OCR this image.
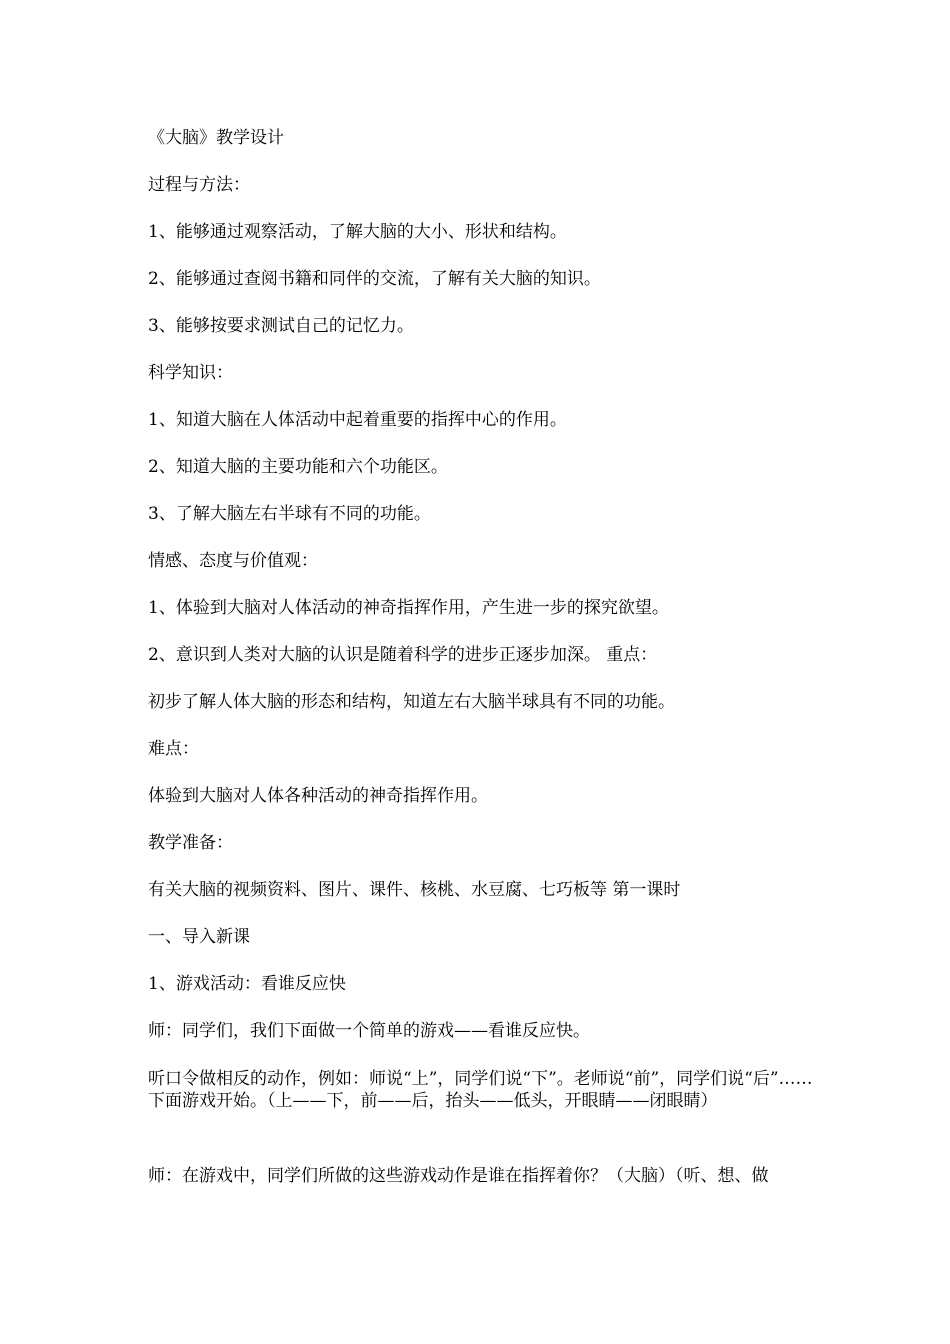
《大脑》教学设计
过程与方法：
1、能够通过观察活动，了解大脑的大小、形状和结构。
2、能够通过查阅书籍和同伴的交流，了解有关大脑的知识。
3、能够按要求测试自己的记忆力。
科学知识：
1、知道大脑在人体活动中起着重要的指挥中心的作用。
2、知道大脑的主要功能和六个功能区。
3、了解大脑左右半球有不同的功能。
情感、态度与价值观：
1、体验到大脑对人体活动的神奇指挥作用，产生进一步的探究欲望。
2、意识到人类对大脑的认识是随着科学的进步正逐步加深。 重点：
初步了解人体大脑的形态和结构，知道左右大脑半球具有不同的功能。
难点：
体验到大脑对人体各种活动的神奇指挥作用。
教学准备：
有关大脑的视频资料、图片、课件、核桃、水豆腐、七巧板等 第一课时
一、导入新课
1、游戏活动：看谁反应快
师：同学们，我们下面做一个简单的游戏——看谁反应快。
听口令做相反的动作，例如：师说“上”，同学们说“下”。老师说“前”，同学们说“后”……下面游戏开始。（上——下，前——后，抬头——低头，开眼睛——闭眼睛）
师：在游戏中，同学们所做的这些游戏动作是谁在指挥着你？（大脑）（听、想、做
